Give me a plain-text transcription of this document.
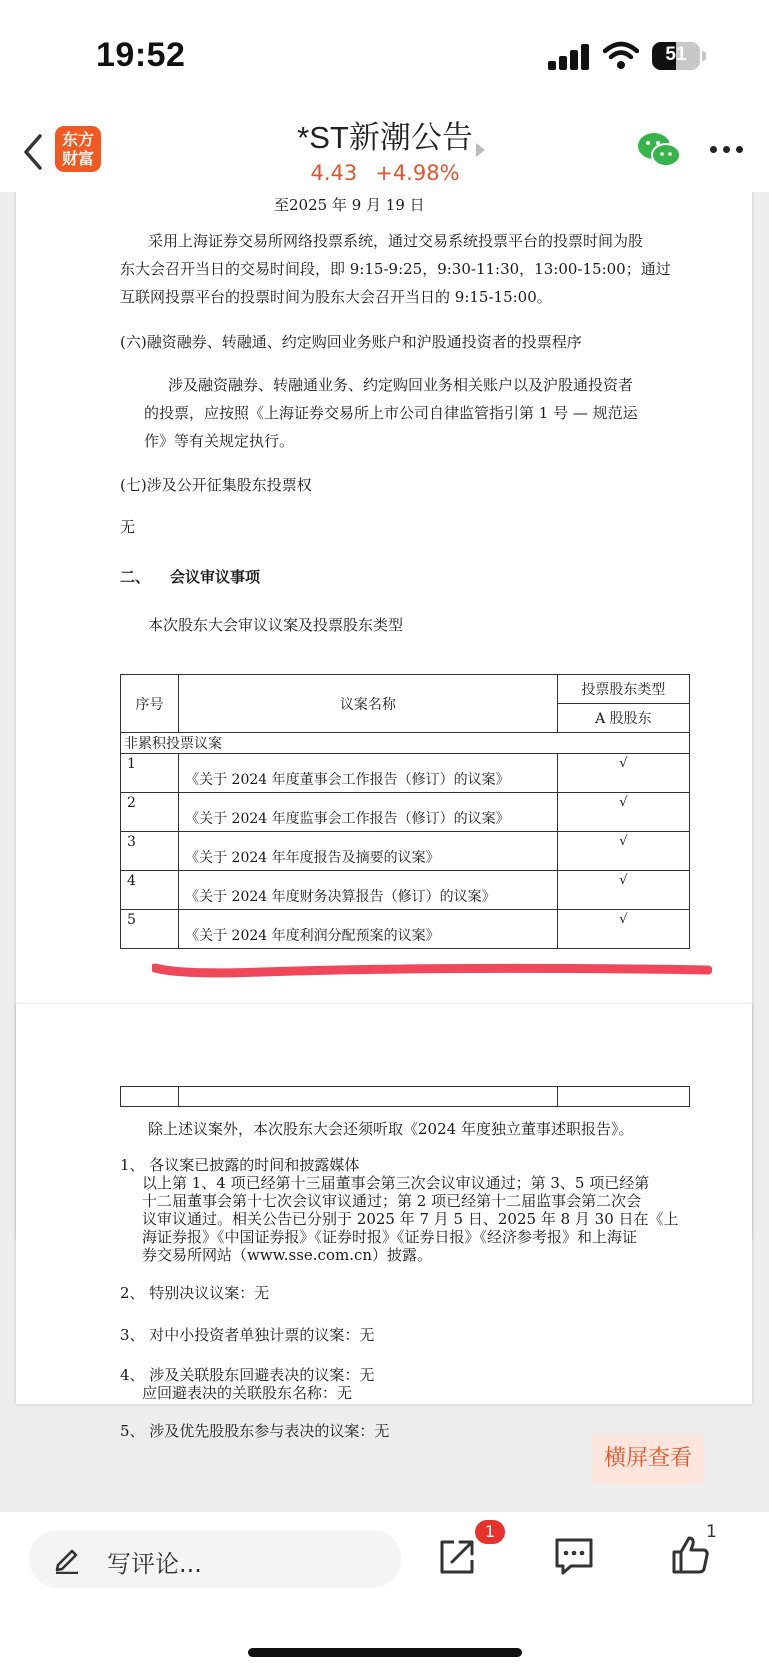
19:52	51
东方
财富
*ST新潮公告
4.43 +4.98%
至2025 年 9 月 19 日
采用上海证券交易所网络投票系统，通过交易系统投票平台的投票时间为股
东大会召开当日的交易时间段，即 9:15-9:25，9:30-11:30，13:00-15:00；通过
互联网投票平台的投票时间为股东大会召开当日的 9:15-15:00。
(六)融资融券、转融通、约定购回业务账户和沪股通投资者的投票程序
涉及融资融券、转融通业务、约定购回业务相关账户以及沪股通投资者
的投票，应按照《上海证券交易所上市公司自律监管指引第 1 号 — 规范运
作》等有关规定执行。
(七)涉及公开征集股东投票权
无
二、 会议审议事项
本次股东大会审议议案及投票股东类型
序号	议案名称	投票股东类型
		A 股股东
非累积投票议案		
1	《关于 2024 年度董事会工作报告（修订）的议案》	√
2	《关于 2024 年度监事会工作报告（修订）的议案》	√
3	《关于 2024 年年度报告及摘要的议案》	√
4	《关于 2024 年度财务决算报告（修订）的议案》	√
5	《关于 2024 年度利润分配预案的议案》	√

除上述议案外，本次股东大会还须听取《2024 年度独立董事述职报告》。
1、 各议案已披露的时间和披露媒体
以上第 1、4 项已经第十三届董事会第三次会议审议通过；第 3、5 项已经第
十二届董事会第十七次会议审议通过；第 2 项已经第十二届监事会第二次会
议审议通过。相关公告已分别于 2025 年 7 月 5 日、2025 年 8 月 30 日在《上
海证券报》《中国证券报》《证券时报》《证券日报》《经济参考报》和上海证
券交易所网站（www.sse.com.cn）披露。
2、 特别决议议案：无
3、 对中小投资者单独计票的议案：无
4、 涉及关联股东回避表决的议案：无
应回避表决的关联股东名称：无
5、 涉及优先股股东参与表决的议案：无
横屏查看
写评论...
1	1
